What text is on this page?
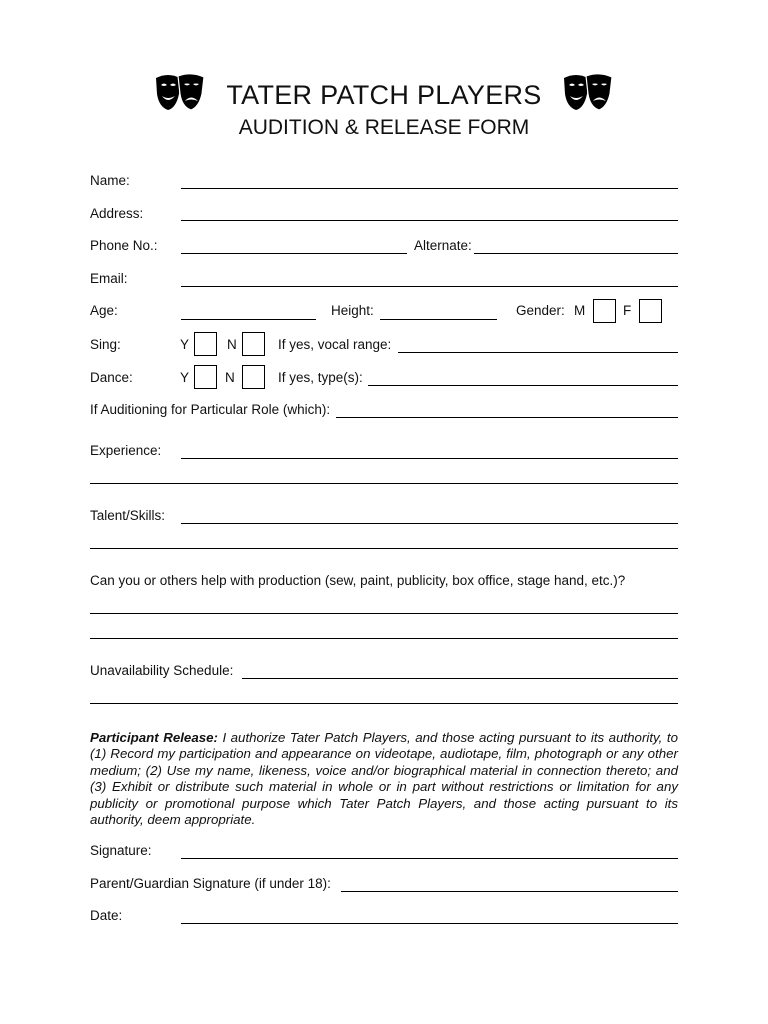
TATER PATCH PLAYERS
AUDITION & RELEASE FORM
Name:
Address:
Phone No.:	Alternate:
Email:
Age:	Height:	Gender: M	F
Sing:	Y	N	If yes, vocal range:
Dance:	Y	N	If yes, type(s):
If Auditioning for Particular Role (which):
Experience:
Talent/Skills:
Can you or others help with production (sew, paint, publicity, box office, stage hand, etc.)?
Unavailability Schedule:
Participant Release: I authorize Tater Patch Players, and those acting pursuant to its authority, to (1) Record my participation and appearance on videotape, audiotape, film, photograph or any other medium; (2) Use my name, likeness, voice and/or biographical material in connection thereto; and (3) Exhibit or distribute such material in whole or in part without restrictions or limitation for any publicity or promotional purpose which Tater Patch Players, and those acting pursuant to its authority, deem appropriate.
Signature:
Parent/Guardian Signature (if under 18):
Date:
